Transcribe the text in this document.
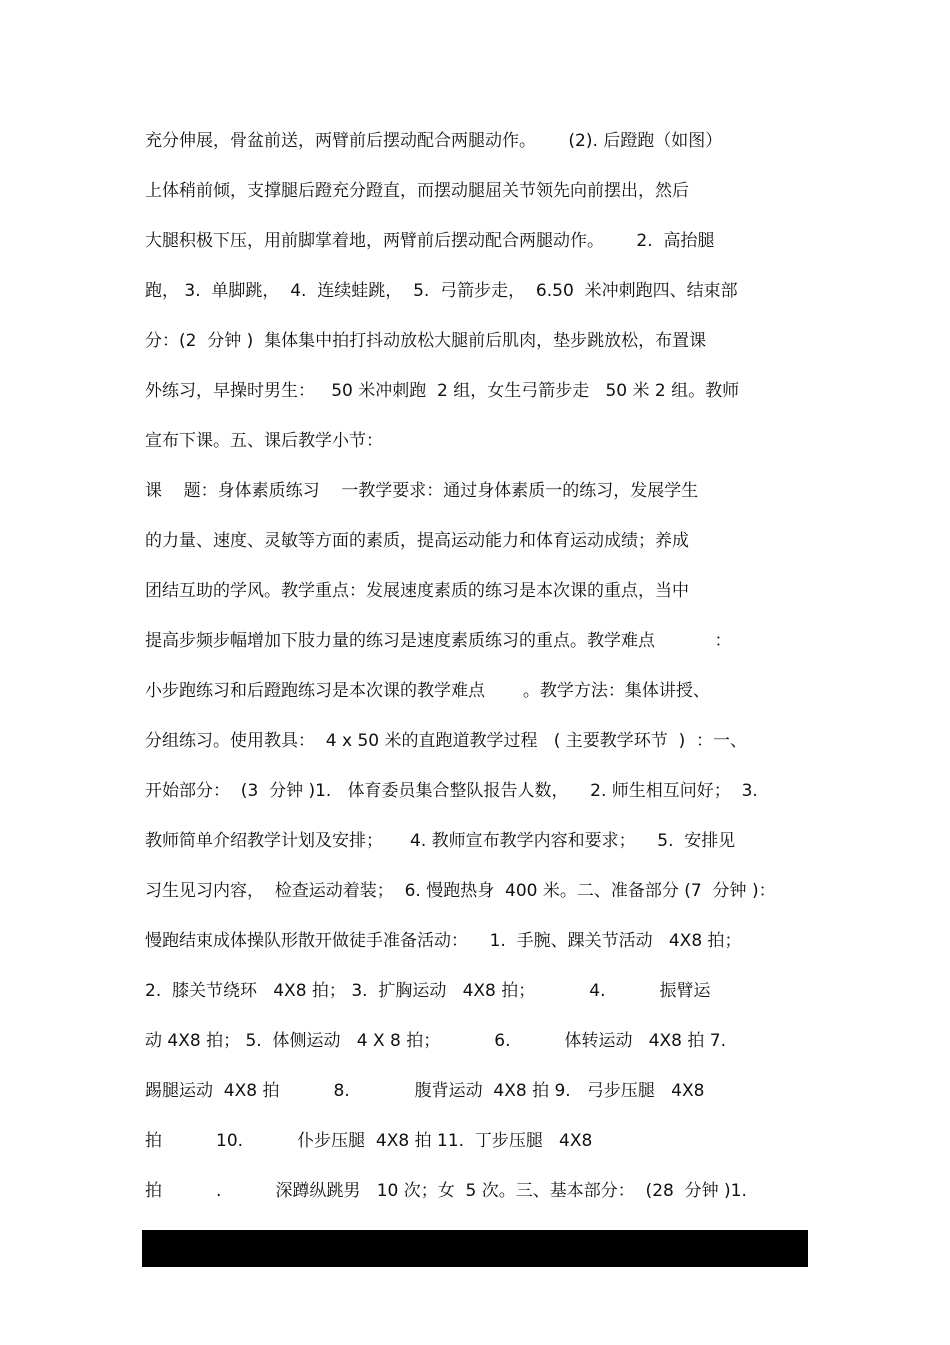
充分伸展，骨盆前送，两臂前后摆动配合两腿动作。      (2). 后蹬跑（如图）
上体稍前倾，支撑腿后蹬充分蹬直，而摆动腿屈关节领先向前摆出，然后
大腿积极下压，用前脚掌着地，两臂前后摆动配合两腿动作。      2.  高抬腿
跑， 3.  单脚跳，  4.  连续蛙跳，  5.  弓箭步走，  6.50  米冲刺跑四、结束部
分：(2  分钟 )  集体集中拍打抖动放松大腿前后肌肉，垫步跳放松，布置课
外练习，早操时男生：   50 米冲刺跑  2 组，女生弓箭步走   50 米 2 组。教师
宣布下课。五、课后教学小节：
课    题：身体素质练习    一教学要求：通过身体素质一的练习，发展学生
的力量、速度、灵敏等方面的素质，提高运动能力和体育运动成绩；养成
团结互助的学风。教学重点：发展速度素质的练习是本次课的重点，当中
提高步频步幅增加下肢力量的练习是速度素质练习的重点。教学难点           ：
小步跑练习和后蹬跑练习是本次课的教学难点       。教学方法：集体讲授、
分组练习。使用教具：  4 x 50 米的直跑道教学过程   ( 主要教学环节  )  ：一、
开始部分：  (3  分钟 )1.   体育委员集合整队报告人数，    2. 师生相互问好；  3.
教师简单介绍教学计划及安排；     4. 教师宣布教学内容和要求；    5.  安排见
习生见习内容，  检查运动着装；  6. 慢跑热身  400 米。二、准备部分 (7  分钟 )：
慢跑结束成体操队形散开做徒手准备活动：    1.  手腕、踝关节活动   4X8 拍；
2.  膝关节绕环   4X8 拍； 3.  扩胸运动   4X8 拍；          4.          振臂运
动 4X8 拍； 5.  体侧运动   4 X 8 拍；          6.          体转运动   4X8 拍 7.
踢腿运动  4X8 拍          8.            腹背运动  4X8 拍 9.   弓步压腿   4X8
拍          10.          仆步压腿  4X8 拍 11.  丁步压腿   4X8
拍          .          深蹲纵跳男   10 次；女  5 次。三、基本部分：  (28  分钟 )1.
